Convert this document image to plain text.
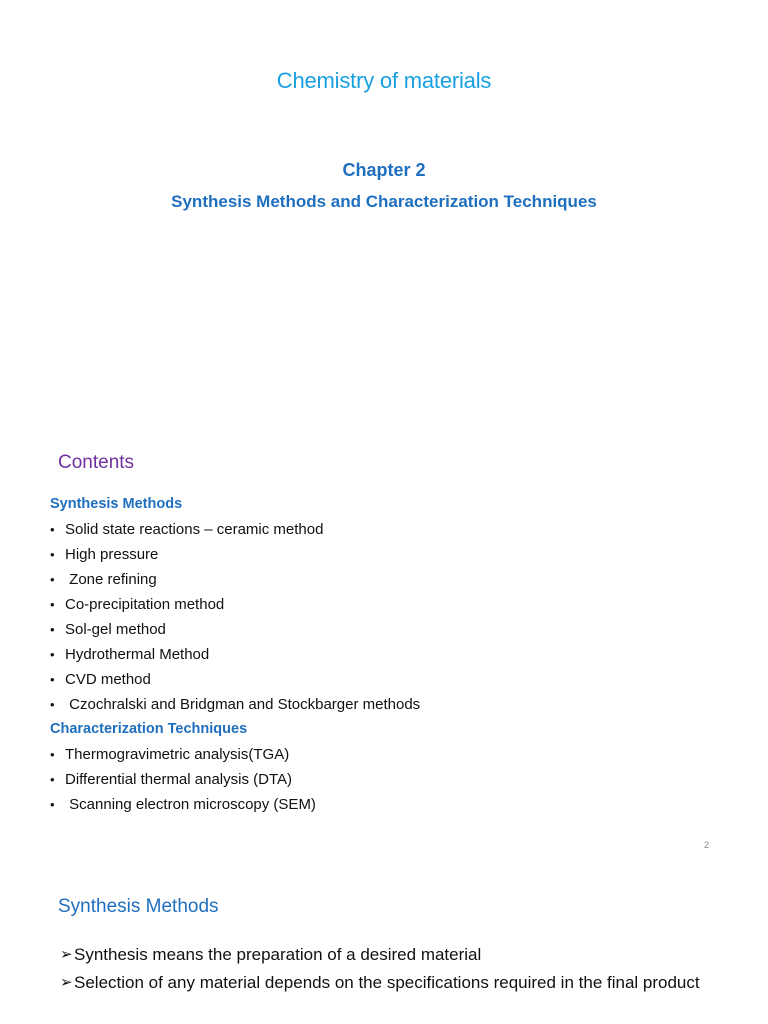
Chemistry of materials
Chapter 2
Synthesis Methods and Characterization Techniques
Contents
Synthesis Methods
• Solid state reactions – ceramic method
• High pressure
• Zone refining
• Co-precipitation method
• Sol-gel method
• Hydrothermal Method
• CVD method
• Czochralski and Bridgman and Stockbarger methods
Characterization Techniques
• Thermogravimetric analysis(TGA)
• Differential thermal analysis (DTA)
• Scanning electron microscopy (SEM)
2
Synthesis Methods
➢ Synthesis means the preparation of a desired material
➢ Selection of any material depends on the specifications required in the final product
